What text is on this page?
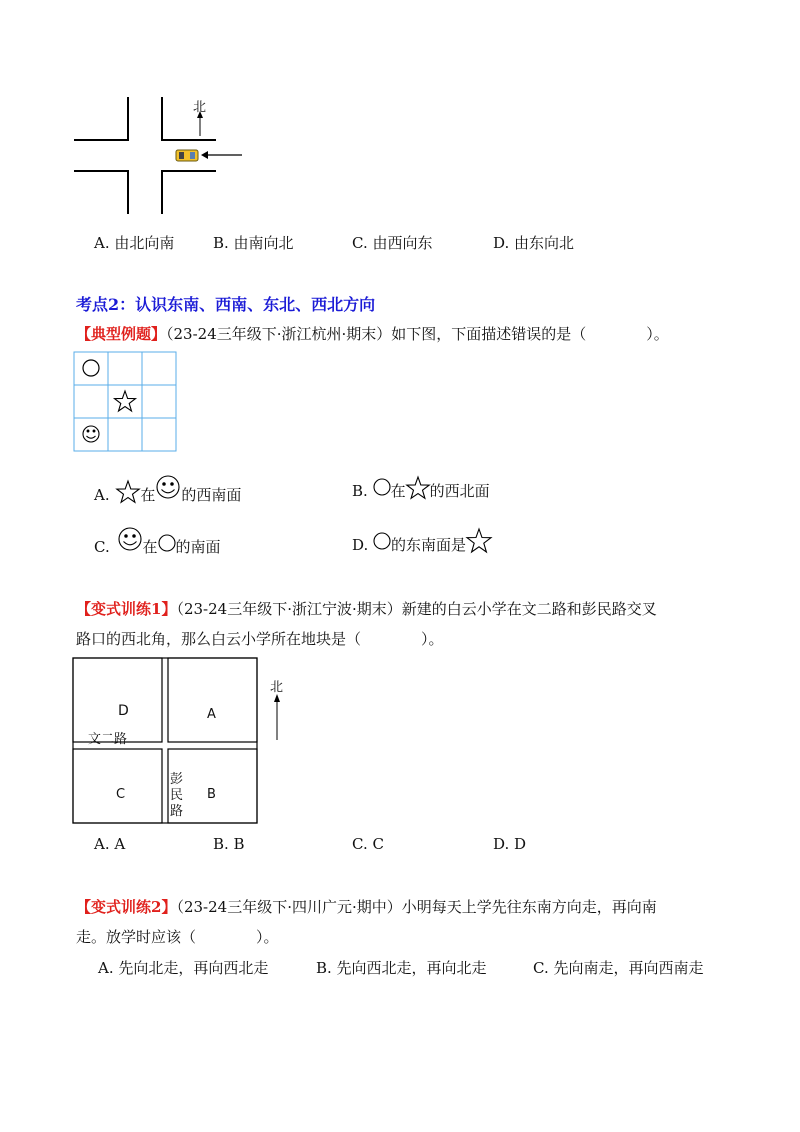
北
A. 由北向南	B. 由南向北	C. 由西向东	D. 由东向北
考点2：认识东南、西南、东北、西北方向
【典型例题】（23-24三年级下·浙江杭州·期末）如下图，下面描述错误的是（　　　　）。
A. 在 的西南面	B. 在 的西北面
C. 在 的南面	D. 的东南面是
【变式训练1】（23-24三年级下·浙江宁波·期末）新建的白云小学在文二路和彭民路交叉
路口的西北角，那么白云小学所在地块是（　　　　）。
D	A
C	B
文二路
彭
民
路
北
A. A	B. B	C. C	D. D
【变式训练2】（23-24三年级下·四川广元·期中）小明每天上学先往东南方向走，再向南
走。放学时应该（　　　　）。
A. 先向北走，再向西北走	B. 先向西北走，再向北走	C. 先向南走，再向西南走
